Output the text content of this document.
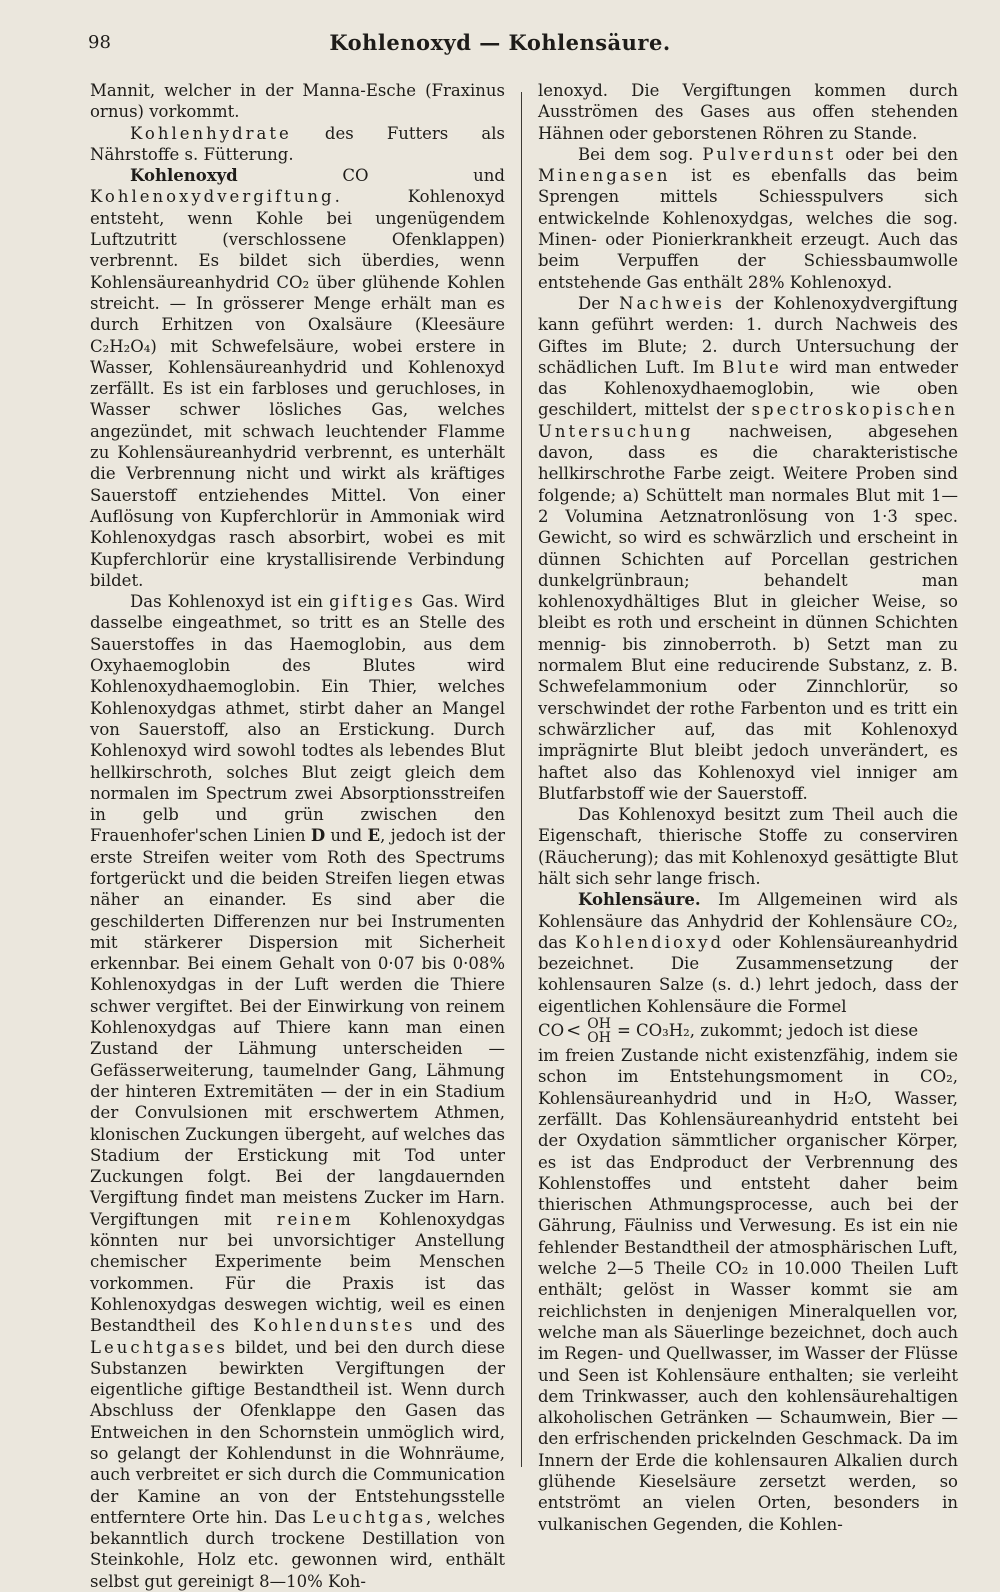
98	Kohlenoxyd — Kohlensäure.

Mannit, welcher in der Manna-Esche (Fraxinus ornus) vorkommt.

Kohlenhydrate des Futters als Nährstoffe s. Fütterung.

Kohlenoxyd CO und Kohlenoxydvergiftung. Kohlenoxyd entsteht, wenn Kohle bei ungenügendem Luftzutritt (verschlossene Ofenklappen) verbrennt. Es bildet sich überdies, wenn Kohlensäureanhydrid CO₂ über glühende Kohlen streicht. — In grösserer Menge erhält man es durch Erhitzen von Oxalsäure (Kleesäure C₂H₂O₄) mit Schwefelsäure, wobei erstere in Wasser, Kohlensäureanhydrid und Kohlenoxyd zerfällt. Es ist ein farbloses und geruchloses, in Wasser schwer lösliches Gas, welches angezündet, mit schwach leuchtender Flamme zu Kohlensäureanhydrid verbrennt, es unterhält die Verbrennung nicht und wirkt als kräftiges Sauerstoff entziehendes Mittel. Von einer Auflösung von Kupferchlorür in Ammoniak wird Kohlenoxydgas rasch absorbirt, wobei es mit Kupferchlorür eine krystallisirende Verbindung bildet.

Das Kohlenoxyd ist ein giftiges Gas. Wird dasselbe eingeathmet, so tritt es an Stelle des Sauerstoffes in das Haemoglobin, aus dem Oxyhaemoglobin des Blutes wird Kohlenoxydhaemoglobin. Ein Thier, welches Kohlenoxydgas athmet, stirbt daher an Mangel von Sauerstoff, also an Erstickung. Durch Kohlenoxyd wird sowohl todtes als lebendes Blut hellkirschroth, solches Blut zeigt gleich dem normalen im Spectrum zwei Absorptionsstreifen in gelb und grün zwischen den Frauenhofer'schen Linien D und E, jedoch ist der erste Streifen weiter vom Roth des Spectrums fortgerückt und die beiden Streifen liegen etwas näher an einander. Es sind aber die geschilderten Differenzen nur bei Instrumenten mit stärkerer Dispersion mit Sicherheit erkennbar. Bei einem Gehalt von 0·07 bis 0·08% Kohlenoxydgas in der Luft werden die Thiere schwer vergiftet. Bei der Einwirkung von reinem Kohlenoxydgas auf Thiere kann man einen Zustand der Lähmung unterscheiden — Gefässerweiterung, taumelnder Gang, Lähmung der hinteren Extremitäten — der in ein Stadium der Convulsionen mit erschwertem Athmen, klonischen Zuckungen übergeht, auf welches das Stadium der Erstickung mit Tod unter Zuckungen folgt. Bei der langdauernden Vergiftung findet man meistens Zucker im Harn. Vergiftungen mit reinem Kohlenoxydgas könnten nur bei unvorsichtiger Anstellung chemischer Experimente beim Menschen vorkommen. Für die Praxis ist das Kohlenoxydgas deswegen wichtig, weil es einen Bestandtheil des Kohlendunstes und des Leuchtgases bildet, und bei den durch diese Substanzen bewirkten Vergiftungen der eigentliche giftige Bestandtheil ist. Wenn durch Abschluss der Ofenklappe den Gasen das Entweichen in den Schornstein unmöglich wird, so gelangt der Kohlendunst in die Wohnräume, auch verbreitet er sich durch die Communication der Kamine an von der Entstehungsstelle entferntere Orte hin. Das Leuchtgas, welches bekanntlich durch trockene Destillation von Steinkohle, Holz etc. gewonnen wird, enthält selbst gut gereinigt 8—10% Koh-

lenoxyd. Die Vergiftungen kommen durch Ausströmen des Gases aus offen stehenden Hähnen oder geborstenen Röhren zu Stande.

Bei dem sog. Pulverdunst oder bei den Minengasen ist es ebenfalls das beim Sprengen mittels Schiesspulvers sich entwickelnde Kohlenoxydgas, welches die sog. Minen- oder Pionierkrankheit erzeugt. Auch das beim Verpuffen der Schiessbaumwolle entstehende Gas enthält 28% Kohlenoxyd.

Der Nachweis der Kohlenoxydvergiftung kann geführt werden: 1. durch Nachweis des Giftes im Blute; 2. durch Untersuchung der schädlichen Luft. Im Blute wird man entweder das Kohlenoxydhaemoglobin, wie oben geschildert, mittelst der spectroskopischen Untersuchung nachweisen, abgesehen davon, dass es die charakteristische hellkirschrothe Farbe zeigt. Weitere Proben sind folgende; a) Schüttelt man normales Blut mit 1—2 Volumina Aetznatronlösung von 1·3 spec. Gewicht, so wird es schwärzlich und erscheint in dünnen Schichten auf Porcellan gestrichen dunkelgrünbraun; behandelt man kohlenoxydhältiges Blut in gleicher Weise, so bleibt es roth und erscheint in dünnen Schichten mennig- bis zinnoberroth. b) Setzt man zu normalem Blut eine reducirende Substanz, z. B. Schwefelammonium oder Zinnchlorür, so verschwindet der rothe Farbenton und es tritt ein schwärzlicher auf, das mit Kohlenoxyd imprägnirte Blut bleibt jedoch unverändert, es haftet also das Kohlenoxyd viel inniger am Blutfarbstoff wie der Sauerstoff.

Das Kohlenoxyd besitzt zum Theil auch die Eigenschaft, thierische Stoffe zu conserviren (Räucherung); das mit Kohlenoxyd gesättigte Blut hält sich sehr lange frisch.

Kohlensäure. Im Allgemeinen wird als Kohlensäure das Anhydrid der Kohlensäure CO₂, das Kohlendioxyd oder Kohlensäureanhydrid bezeichnet. Die Zusammensetzung der kohlensauren Salze (s. d.) lehrt jedoch, dass der eigentlichen Kohlensäure die Formel

CO < OH
OH = CO₃H₂, zukommt; jedoch ist diese

im freien Zustande nicht existenzfähig, indem sie schon im Entstehungsmoment in CO₂, Kohlensäureanhydrid und in H₂O, Wasser, zerfällt. Das Kohlensäureanhydrid entsteht bei der Oxydation sämmtlicher organischer Körper, es ist das Endproduct der Verbrennung des Kohlenstoffes und entsteht daher beim thierischen Athmungsprocesse, auch bei der Gährung, Fäulniss und Verwesung. Es ist ein nie fehlender Bestandtheil der atmosphärischen Luft, welche 2—5 Theile CO₂ in 10.000 Theilen Luft enthält; gelöst in Wasser kommt sie am reichlichsten in denjenigen Mineralquellen vor, welche man als Säuerlinge bezeichnet, doch auch im Regen- und Quellwasser, im Wasser der Flüsse und Seen ist Kohlensäure enthalten; sie verleiht dem Trinkwasser, auch den kohlensäurehaltigen alkoholischen Getränken — Schaumwein, Bier — den erfrischenden prickelnden Geschmack. Da im Innern der Erde die kohlensauren Alkalien durch glühende Kieselsäure zersetzt werden, so entströmt an vielen Orten, besonders in vulkanischen Gegenden, die Kohlen-
